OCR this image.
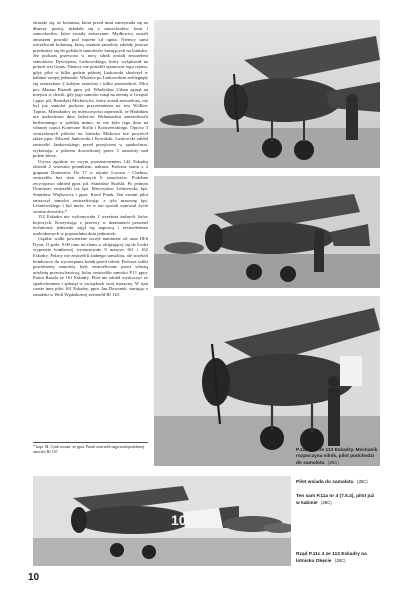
okazało się, że kolumna, która przed nimi zatrzymała się na dłuższy postój, składała się z samochodów, koni i samochodów, które zostały zniszczone. Mydłowicy zostali zmuszeni powalić pod murem sił ognia. Niemcy sami ostrzeliwali kolumnę, którą ostatnie samoloty zdołały jeszcze przedostać się do polskich samolotów bazujących na lotnisku. Jeż podczas przewozu w nocy silnik zostali zestrzeleni samolotów Dywizjonu, Laskowskiego, który wylądował na polach wsi Gnaty. Niemcy nie potrafili opanować tego rejonu, gdyż pilot w kilka godzin później Laskowski skończył w kabinie swojej jednostki. Wkrótce po Laskowskim ześlizgnęły się zestrzelone 2 kolejne samoloty i kilku pozostałych. Pilot por. Marian Pisarek ppor. pil. Władysław Urban zginął na miejscu w chwili, gdy jego samolot runął na ziemię w Grzęsie i ppor. pil. Benedykt Mickiewicz, który został zestrzelony, nie był już samolot podczas przyziemienia na wsi Wólkiw Tuprus. Mieszkańcy tej miejscowości zapewnili, że Hrubikim nie uszkodzono dnia Jadwicze Wehrmachtu zamordowali bezbronnego w pobliżu mimo, że nie było tego dnia na własnej części Koneczne Króla i Konczewskiego. Oprócz 3 zestrzelonych pilotów na lotnisko Mirkowo nie powrócił także ppor. Edward Jankowski i Kowalski. Laskowski zdołał zestrzelić Jankowskiego przed przejściem w spadochron, wykonując z pilotem dowodzonej przez 3 samoloty nad polem bitwy.

Urywa zgodnie ze swym przeznaczeniem 142 Eskadrę obronił 2 wrzesnia porankiem, nakazu. Podczas startu z 2 grupami Domierów Do 17 w rejonie Lwowa - Chełmu, zestrzeliła bez strat własnych 6 samolotów. Podobne zwycięstwo odniósł ppor. pil. Stanisław Skalski. Po jednym Dornierze zestrzelili też kpt. Mieczysław Leśniewski, kpt. Stanisław Wujkowicz i ppor. Karol Pniak. Ten ostatni pilot zniszczył samolot zestrzeliwując z tylu maszynę kpt. Leśniewskiego i był może, że w ten sposób uratował życie swemu dowódcy.*

152 Eskadra nie wykonywała 2 września żadnych lotów bojowych. Korzystając z przerwy w działaniach personel techniczny jednostki zajął się naprawą i zestrzeleniem uszkodzonych w poprzednim dniu jednostek.

Ciężkie walki powietrzne toczył natomiast od rana III/6 Dyon. O godz. 9.00 rano na alarm w oblężającej się do Łodzi wyprawie bombowej wystartowało 9 maszyn 161 i 162 Eskadry. Polacy nie zestrzelili żadnego samolotu, ale strzelali bombowce do wyczerpania bomb przed celem. Podczas walki powietrznej samoloty były zestrzeliwane przez własną artylerię przeciwlotniczą, która zestrzeliła samolot P.11 ppor. Piotra Ruszla ze 161 Eskadry. Pilot nie zdołał wyskoczyć ze spadochronem i spłonął w szczątkach swej maszyny. W tym czasie inny pilot 161 Eskadry, ppor. Jan Dzwonek, startując z zasadzki w Woli Wędzikowej zestrzelił Bf 110.

* kapt. M. Cynk uważa, że ppor. Pniak zestrzelił najprawdopodobniej samolot Bf 110
10
P.11a nr 4 ze 113 Eskadry. Mechanik rozpoczyna silnik, pilot podchodzi do samolotu ( JBC )
Pilot wsiada do samolotu ( JBC )
Ten sam P.11a nr 4 (7.5.4), pilot już w kabinie ( JBC )
Rząd P.11c 4 ze 113 Eskadry na lotnisku Okęcie ( JBC )
10
